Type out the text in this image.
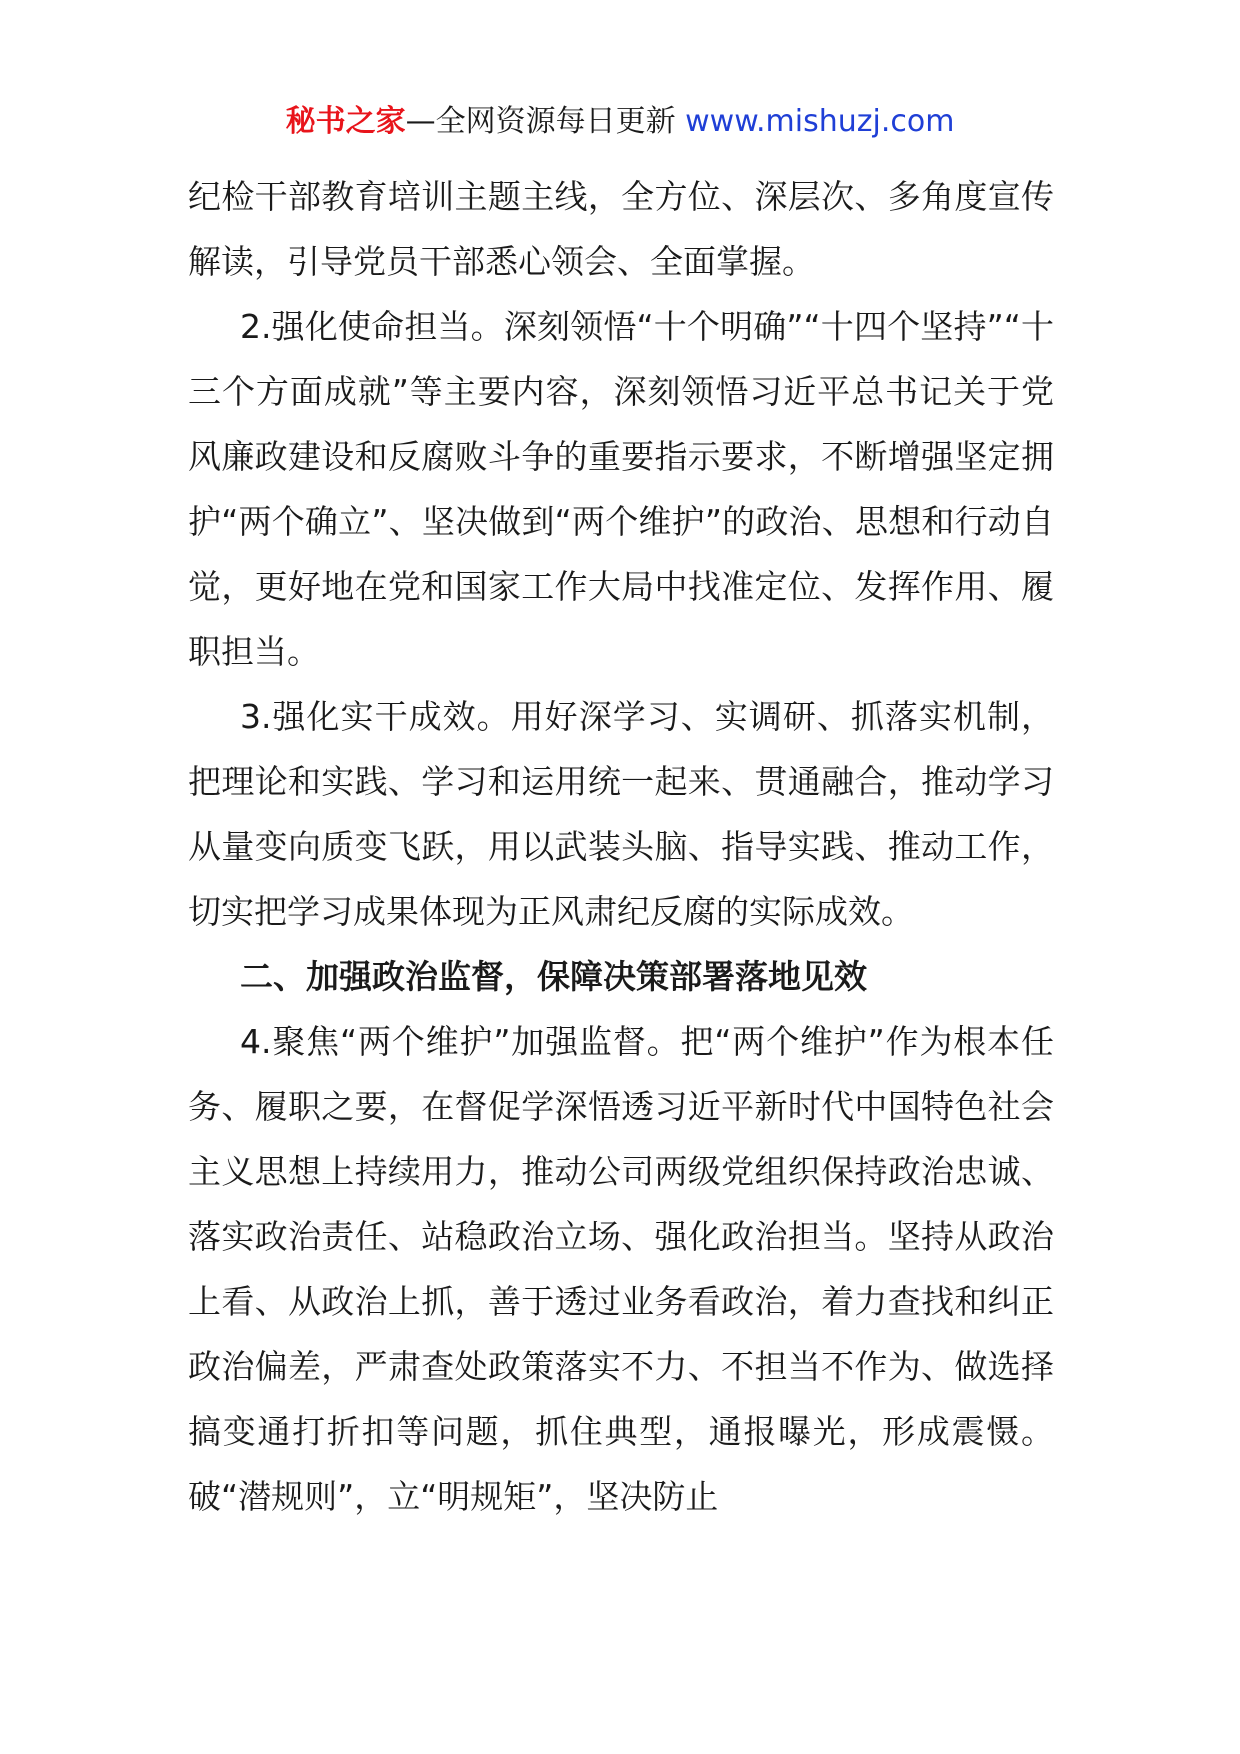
秘书之家—全网资源每日更新 www.mishuzj.com

纪检干部教育培训主题主线，全方位、深层次、多角度宣传解读，引导党员干部悉心领会、全面掌握。

2.强化使命担当。深刻领悟“十个明确”“十四个坚持”“十三个方面成就”等主要内容，深刻领悟习近平总书记关于党风廉政建设和反腐败斗争的重要指示要求，不断增强坚定拥护“两个确立”、坚决做到“两个维护”的政治、思想和行动自觉，更好地在党和国家工作大局中找准定位、发挥作用、履职担当。

3.强化实干成效。用好深学习、实调研、抓落实机制，把理论和实践、学习和运用统一起来、贯通融合，推动学习从量变向质变飞跃，用以武装头脑、指导实践、推动工作，切实把学习成果体现为正风肃纪反腐的实际成效。

二、加强政治监督，保障决策部署落地见效

4.聚焦“两个维护”加强监督。把“两个维护”作为根本任务、履职之要，在督促学深悟透习近平新时代中国特色社会主义思想上持续用力，推动公司两级党组织保持政治忠诚、落实政治责任、站稳政治立场、强化政治担当。坚持从政治上看、从政治上抓，善于透过业务看政治，着力查找和纠正政治偏差，严肃查处政策落实不力、不担当不作为、做选择搞变通打折扣等问题，抓住典型，通报曝光，形成震慑。破“潜规则”，立“明规矩”，坚决防止
